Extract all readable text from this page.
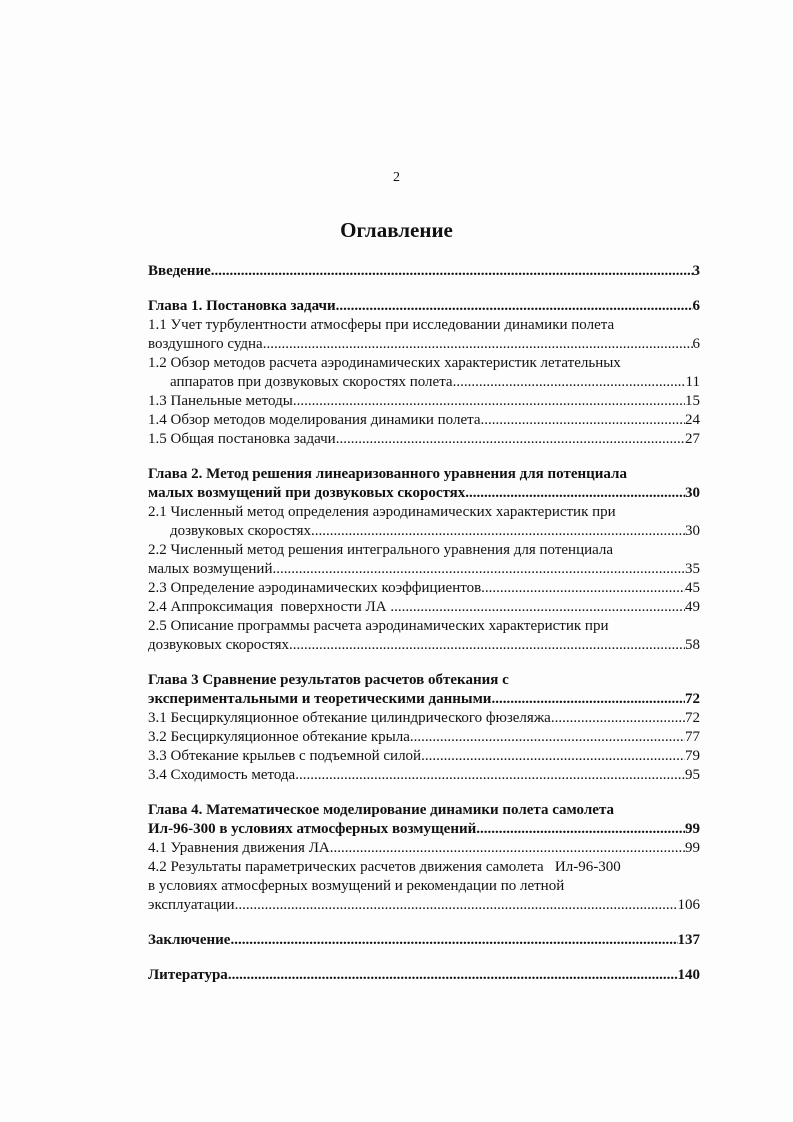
2
Оглавление
Введение .....	3
Глава 1. Постановка задачи .....	6
1.1 Учет турбулентности атмосферы при исследовании динамики полета
воздушного судна .....	6
1.2 Обзор методов расчета аэродинамических характеристик летательных
аппаратов при дозвуковых скоростях полета .....	11
1.3 Панельные методы .....	15
1.4 Обзор методов моделирования динамики полета .....	24
1.5 Общая постановка задачи .....	27
Глава 2. Метод решения линеаризованного уравнения для потенциала
малых возмущений при дозвуковых скоростях .....	30
2.1 Численный метод определения аэродинамических характеристик при
дозвуковых скоростях .....	30
2.2 Численный метод решения интегрального уравнения для потенциала
малых возмущений .....	35
2.3 Определение аэродинамических коэффициентов .....	45
2.4 Аппроксимация  поверхности ЛА .....	49
2.5 Описание программы расчета аэродинамических характеристик при
дозвуковых скоростях .....	58
Глава 3 Сравнение результатов расчетов обтекания с
экспериментальными и теоретическими данными .....	72
3.1 Бесциркуляционное обтекание цилиндрического фюзеляжа .....	72
3.2 Бесциркуляционное обтекание крыла .....	77
3.3 Обтекание крыльев с подъемной силой .....	79
3.4 Сходимость метода .....	95
Глава 4. Математическое моделирование динамики полета самолета
Ил-96-300 в условиях атмосферных возмущений .....	99
4.1 Уравнения движения ЛА .....	99
4.2 Результаты параметрических расчетов движения самолета   Ил-96-300
в условиях атмосферных возмущений и рекомендации по летной
эксплуатации .....	106
Заключение .....	137
Литература .....	140
